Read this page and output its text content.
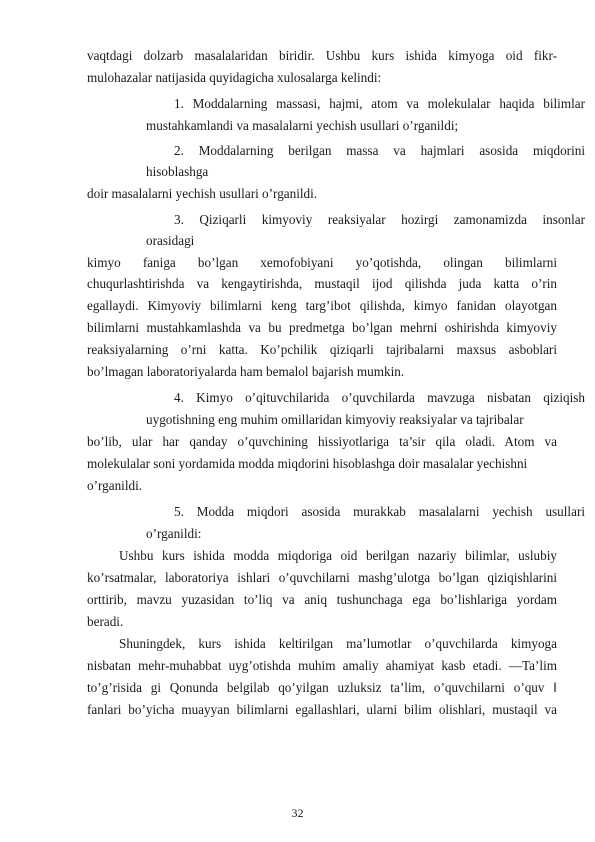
vaqtdagi dolzarb masalalaridan biridir. Ushbu kurs ishida kimyoga oid fikr-
mulohazalar natijasida quyidagicha xulosalarga kelindi:
1. Moddalarning massasi, hajmi, atom va molekulalar haqida bilimlar
mustahkamlandi va masalalarni yechish usullari o’rganildi;
2. Moddalarning berilgan massa va hajmlari asosida miqdorini
hisoblashga
doir masalalarni yechish usullari o’rganildi.
3. Qiziqarli kimyoviy reaksiyalar hozirgi zamonamizda insonlar
orasidagi
kimyo faniga bo’lgan xemofobiyani yo’qotishda, olingan bilimlarni
chuqurlashtirishda va kengaytirishda, mustaqil ijod qilishda juda katta o’rin
egallaydi. Kimyoviy bilimlarni keng targ’ibot qilishda, kimyo fanidan olayotgan
bilimlarni mustahkamlashda va bu predmetga bo’lgan mehrni oshirishda kimyoviy
reaksiyalarning o’rni katta. Ko’pchilik qiziqarli tajribalarni maxsus asboblari
bo’lmagan laboratoriyalarda ham bemalol bajarish mumkin.
4. Kimyo o’qituvchilarida o’quvchilarda mavzuga nisbatan qiziqish
uygotishning eng muhim omillaridan kimyoviy reaksiyalar va tajribalar
bo’lib, ular har qanday o’quvchining hissiyotlariga ta’sir qila oladi. Atom va
molekulalar soni yordamida modda miqdorini hisoblashga doir masalalar yechishni
o’rganildi.
5. Modda miqdori asosida murakkab masalalarni yechish usullari
o’rganildi:
Ushbu kurs ishida modda miqdoriga oid berilgan nazariy bilimlar, uslubiy
ko’rsatmalar, laboratoriya ishlari o’quvchilarni mashg’ulotga bo’lgan qiziqishlarini
orttirib, mavzu yuzasidan to’liq va aniq tushunchaga ega bo’lishlariga yordam
beradi.
Shuningdek, kurs ishida keltirilgan ma’lumotlar o’quvchilarda kimyoga
nisbatan mehr-muhabbat uyg’otishda muhim amaliy ahamiyat kasb etadi. ―Ta’lim
to’g’risida gi Qonunda belgilab qo’yilgan uzluksiz ta’lim, o’quvchilarni o’quv ‖
fanlari bo’yicha muayyan bilimlarni egallashlari, ularni bilim olishlari, mustaqil va
32
